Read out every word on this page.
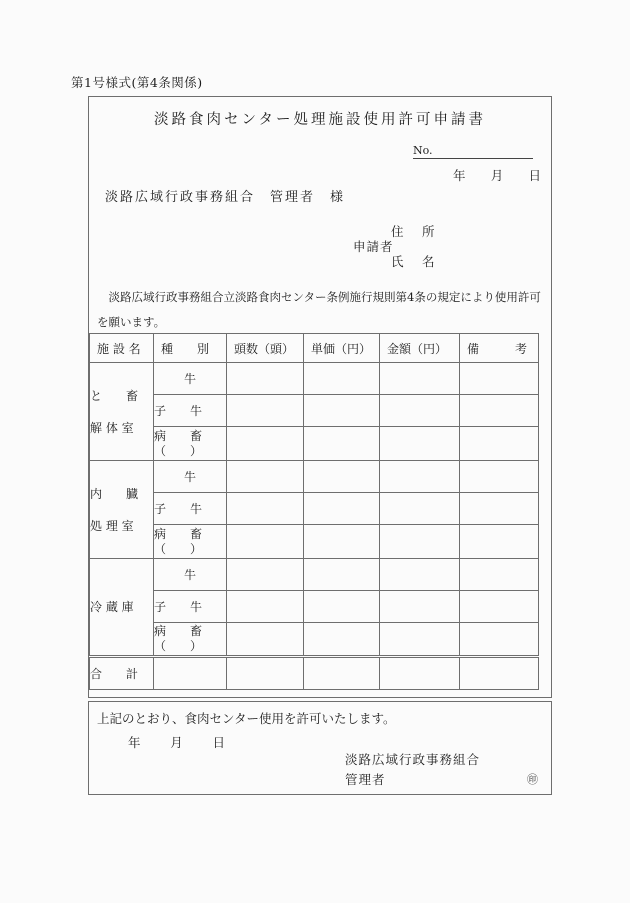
第1号様式(第4条関係)
淡路食肉センター処理施設使用許可申請書
No.
年 月 日
淡路広域行政事務組合　管理者　様
申請者
住　所
氏　名
　淡路広域行政事務組合立淡路食肉センター条例施行規則第4条の規定により使用許可を願います。
施 設 名	種　　別	頭数（頭）	単価（円）	金額（円）	備　　　考

と　　畜
解 体 室	牛				
	子　　牛				

	病　　畜
（　　）				

内　　臓
処 理 室	牛				
	子　　牛				

	病　　畜
（　　）				

冷 蔵 庫	牛				
	子　　牛				

	病　　畜
（　　）				

合　　計					
上記のとおり、食肉センター使用を許可いたします。
年 月 日
淡路広域行政事務組合
管理者	㊞
